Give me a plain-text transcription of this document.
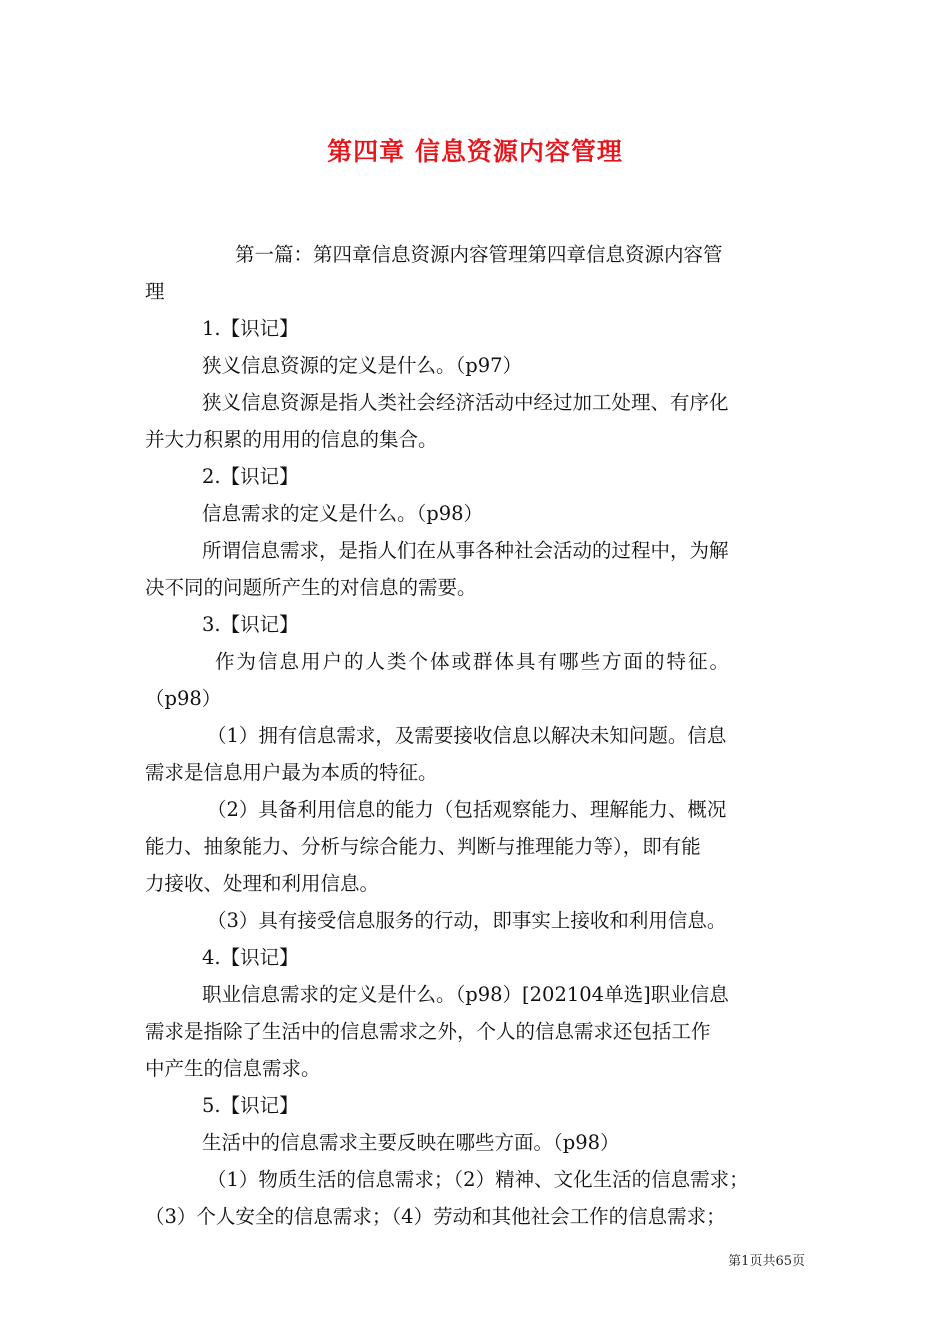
第四章 信息资源内容管理
第一篇：第四章信息资源内容管理第四章信息资源内容管
理
1.【识记】
狭义信息资源的定义是什么。（p97）
狭义信息资源是指人类社会经济活动中经过加工处理、有序化
并大力积累的用用的信息的集合。
2.【识记】
信息需求的定义是什么。（p98）
所谓信息需求，是指人们在从事各种社会活动的过程中，为解
决不同的问题所产生的对信息的需要。
3.【识记】
作为信息用户的人类个体或群体具有哪些方面的特征。
（p98）
（1）拥有信息需求，及需要接收信息以解决未知问题。信息
需求是信息用户最为本质的特征。
（2）具备利用信息的能力（包括观察能力、理解能力、概况
能力、抽象能力、分析与综合能力、判断与推理能力等），即有能
力接收、处理和利用信息。
（3）具有接受信息服务的行动，即事实上接收和利用信息。
4.【识记】
职业信息需求的定义是什么。（p98）[202104单选]职业信息
需求是指除了生活中的信息需求之外，个人的信息需求还包括工作
中产生的信息需求。
5.【识记】
生活中的信息需求主要反映在哪些方面。（p98）
（1）物质生活的信息需求；（2）精神、文化生活的信息需求；
（3）个人安全的信息需求；（4）劳动和其他社会工作的信息需求；
第1页共65页
